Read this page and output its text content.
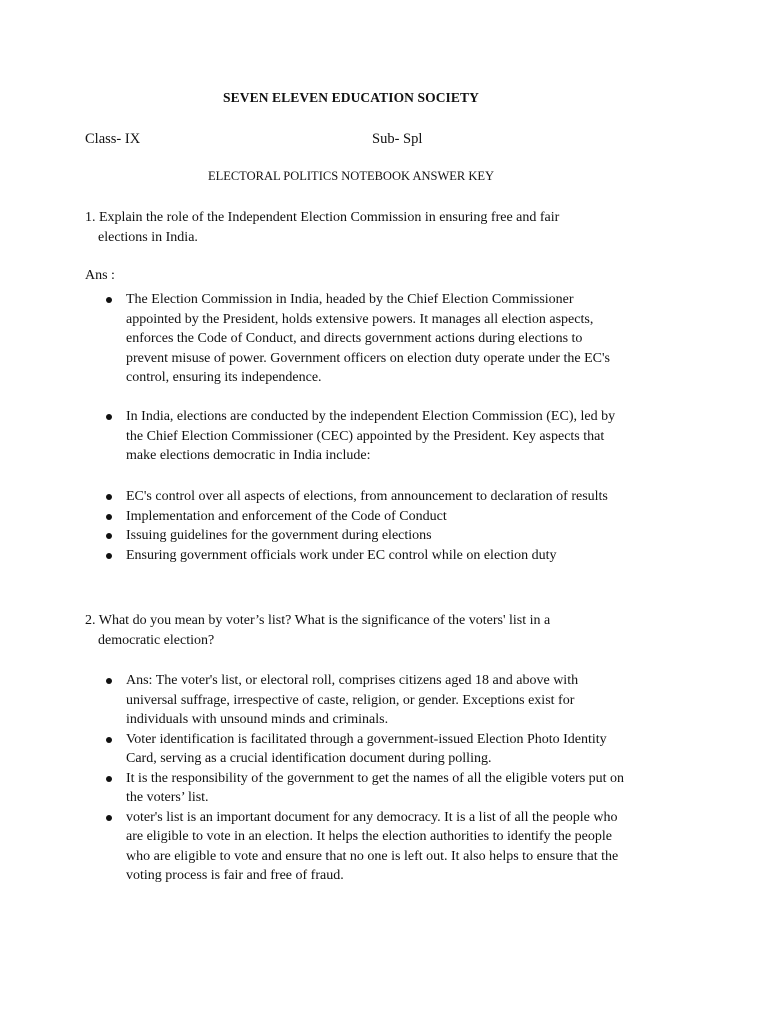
SEVEN ELEVEN EDUCATION SOCIETY
Class- IX	Sub- Spl
ELECTORAL POLITICS NOTEBOOK ANSWER KEY
1. Explain the role of the Independent Election Commission in ensuring free and fair elections in India.
Ans :
The Election Commission in India, headed by the Chief Election Commissioner appointed by the President, holds extensive powers. It manages all election aspects, enforces the Code of Conduct, and directs government actions during elections to prevent misuse of power. Government officers on election duty operate under the EC's control, ensuring its independence.
In India, elections are conducted by the independent Election Commission (EC), led by the Chief Election Commissioner (CEC) appointed by the President. Key aspects that make elections democratic in India include:
EC's control over all aspects of elections, from announcement to declaration of results
Implementation and enforcement of the Code of Conduct
Issuing guidelines for the government during elections
Ensuring government officials work under EC control while on election duty
2. What do you mean by voter’s list? What is the significance of the voters' list in a democratic election?
Ans: The voter's list, or electoral roll, comprises citizens aged 18 and above with universal suffrage, irrespective of caste, religion, or gender. Exceptions exist for individuals with unsound minds and criminals.
Voter identification is facilitated through a government-issued Election Photo Identity Card, serving as a crucial identification document during polling.
It is the responsibility of the government to get the names of all the eligible voters put on the voters’ list.
voter's list is an important document for any democracy. It is a list of all the people who are eligible to vote in an election. It helps the election authorities to identify the people who are eligible to vote and ensure that no one is left out. It also helps to ensure that the voting process is fair and free of fraud.
